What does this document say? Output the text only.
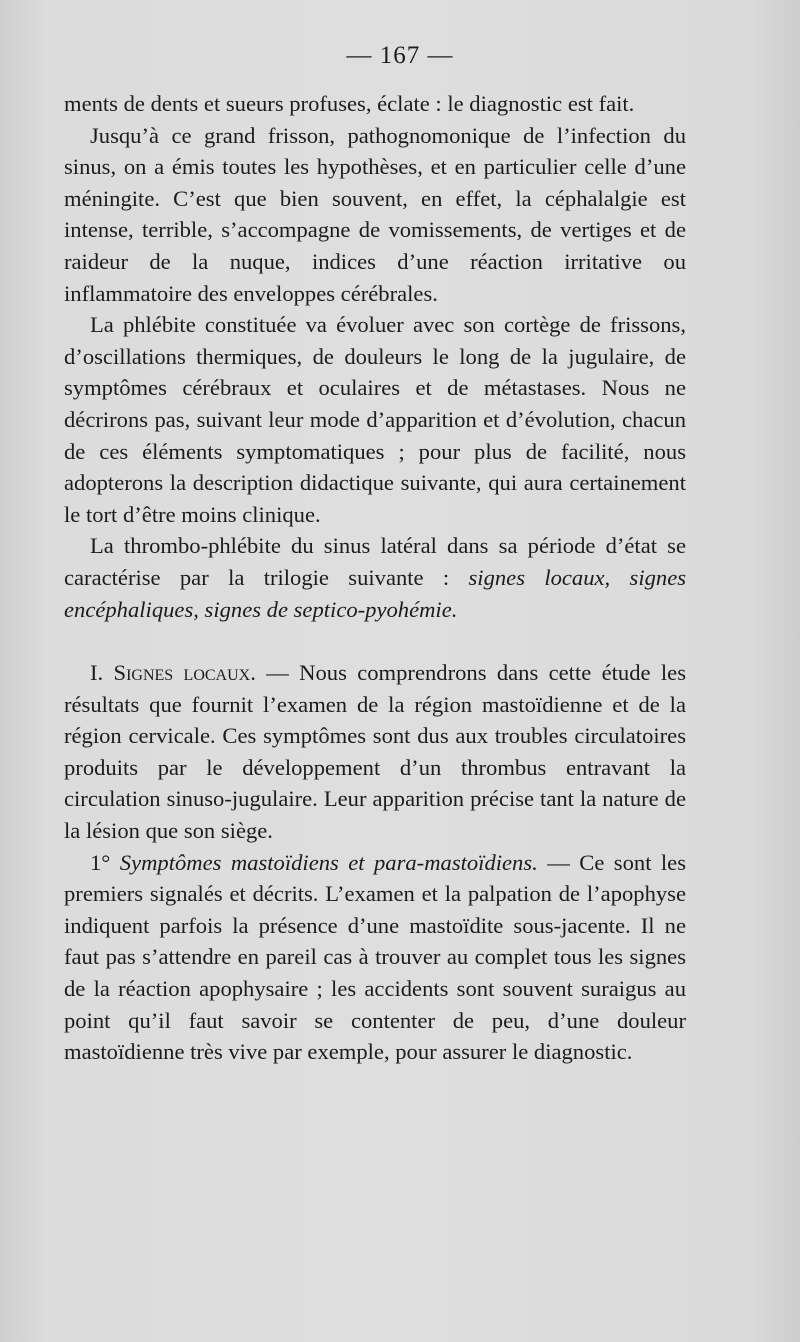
— 167 —

ments de dents et sueurs profuses, éclate : le diagnostic est fait.

Jusqu’à ce grand frisson, pathognomonique de l’infection du sinus, on a émis toutes les hypothèses, et en particulier celle d’une méningite. C’est que bien souvent, en effet, la céphalalgie est intense, terrible, s’accompagne de vomissements, de vertiges et de raideur de la nuque, indices d’une réaction irritative ou inflammatoire des enveloppes cérébrales.

La phlébite constituée va évoluer avec son cortège de frissons, d’oscillations thermiques, de douleurs le long de la jugulaire, de symptômes cérébraux et oculaires et de métastases. Nous ne décrirons pas, suivant leur mode d’apparition et d’évolution, chacun de ces éléments symptomatiques ; pour plus de facilité, nous adopterons la description didactique suivante, qui aura certainement le tort d’être moins clinique.

La thrombo-phlébite du sinus latéral dans sa période d’état se caractérise par la trilogie suivante : signes locaux, signes encéphaliques, signes de septico-pyohémie.

I. Signes locaux. — Nous comprendrons dans cette étude les résultats que fournit l’examen de la région mastoïdienne et de la région cervicale. Ces symptômes sont dus aux troubles circulatoires produits par le développement d’un thrombus entravant la circulation sinuso-jugulaire. Leur apparition précise tant la nature de la lésion que son siège.

1° Symptômes mastoïdiens et para-mastoïdiens. — Ce sont les premiers signalés et décrits. L’examen et la palpation de l’apophyse indiquent parfois la présence d’une mastoïdite sous-jacente. Il ne faut pas s’attendre en pareil cas à trouver au complet tous les signes de la réaction apophysaire ; les accidents sont souvent suraigus au point qu’il faut savoir se contenter de peu, d’une douleur mastoïdienne très vive par exemple, pour assurer le diagnostic.
